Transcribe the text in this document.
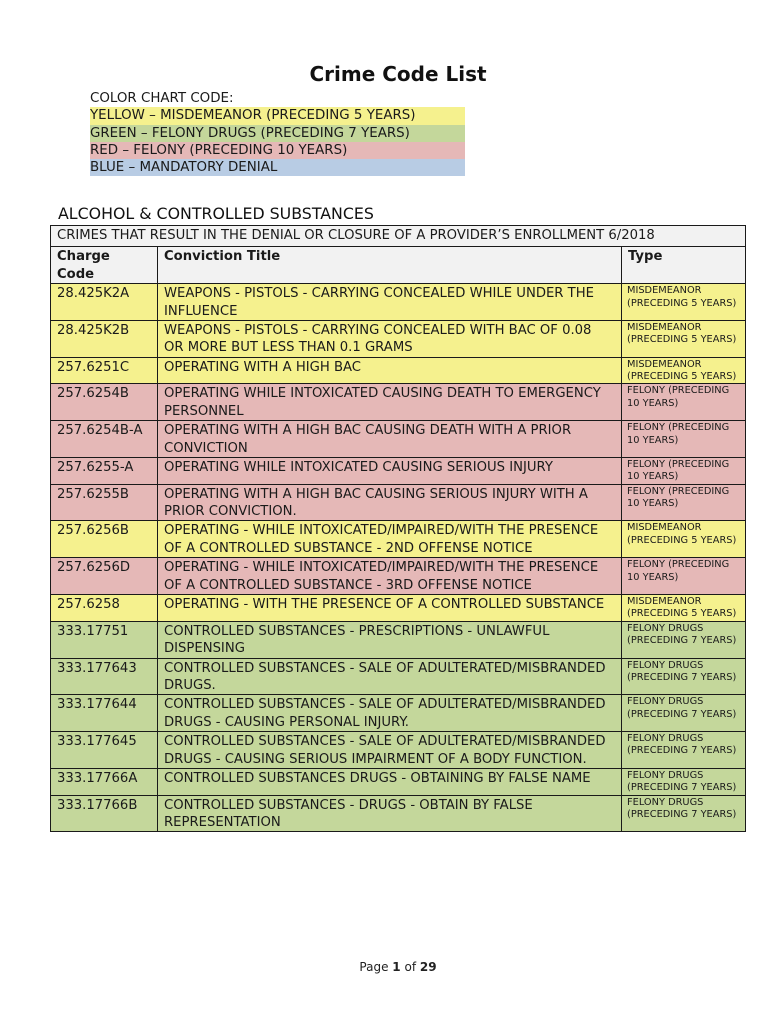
Crime Code List
COLOR CHART CODE:
YELLOW – MISDEMEANOR (PRECEDING 5 YEARS)
GREEN – FELONY DRUGS (PRECEDING 7 YEARS)
RED – FELONY (PRECEDING 10 YEARS)
BLUE – MANDATORY DENIAL
ALCOHOL & CONTROLLED SUBSTANCES
CRIMES THAT RESULT IN THE DENIAL OR CLOSURE OF A PROVIDER’S ENROLLMENT 6/2018		
Charge Code	Conviction Title	Type
28.425K2A	WEAPONS - PISTOLS - CARRYING CONCEALED WHILE UNDER THE INFLUENCE	MISDEMEANOR (PRECEDING 5 YEARS)
28.425K2B	WEAPONS - PISTOLS - CARRYING CONCEALED WITH BAC OF 0.08 OR MORE BUT LESS THAN 0.1 GRAMS	MISDEMEANOR (PRECEDING 5 YEARS)
257.6251C	OPERATING WITH A HIGH BAC	MISDEMEANOR (PRECEDING 5 YEARS)
257.6254B	OPERATING WHILE INTOXICATED CAUSING DEATH TO EMERGENCY PERSONNEL	FELONY (PRECEDING 10 YEARS)
257.6254B-A	OPERATING WITH A HIGH BAC CAUSING DEATH WITH A PRIOR CONVICTION	FELONY (PRECEDING 10 YEARS)
257.6255-A	OPERATING WHILE INTOXICATED CAUSING SERIOUS INJURY	FELONY (PRECEDING 10 YEARS)
257.6255B	OPERATING WITH A HIGH BAC CAUSING SERIOUS INJURY WITH A PRIOR CONVICTION.	FELONY (PRECEDING 10 YEARS)
257.6256B	OPERATING - WHILE INTOXICATED/IMPAIRED/WITH THE PRESENCE OF A CONTROLLED SUBSTANCE - 2ND OFFENSE NOTICE	MISDEMEANOR (PRECEDING 5 YEARS)
257.6256D	OPERATING - WHILE INTOXICATED/IMPAIRED/WITH THE PRESENCE OF A CONTROLLED SUBSTANCE - 3RD OFFENSE NOTICE	FELONY (PRECEDING 10 YEARS)
257.6258	OPERATING - WITH THE PRESENCE OF A CONTROLLED SUBSTANCE	MISDEMEANOR (PRECEDING 5 YEARS)
333.17751	CONTROLLED SUBSTANCES - PRESCRIPTIONS - UNLAWFUL DISPENSING	FELONY DRUGS (PRECEDING 7 YEARS)
333.177643	CONTROLLED SUBSTANCES - SALE OF ADULTERATED/MISBRANDED DRUGS.	FELONY DRUGS (PRECEDING 7 YEARS)
333.177644	CONTROLLED SUBSTANCES - SALE OF ADULTERATED/MISBRANDED DRUGS - CAUSING PERSONAL INJURY.	FELONY DRUGS (PRECEDING 7 YEARS)
333.177645	CONTROLLED SUBSTANCES - SALE OF ADULTERATED/MISBRANDED DRUGS - CAUSING SERIOUS IMPAIRMENT OF A BODY FUNCTION.	FELONY DRUGS (PRECEDING 7 YEARS)
333.17766A	CONTROLLED SUBSTANCES DRUGS - OBTAINING BY FALSE NAME	FELONY DRUGS (PRECEDING 7 YEARS)
333.17766B	CONTROLLED SUBSTANCES - DRUGS - OBTAIN BY FALSE REPRESENTATION	FELONY DRUGS (PRECEDING 7 YEARS)
Page 1 of 29
